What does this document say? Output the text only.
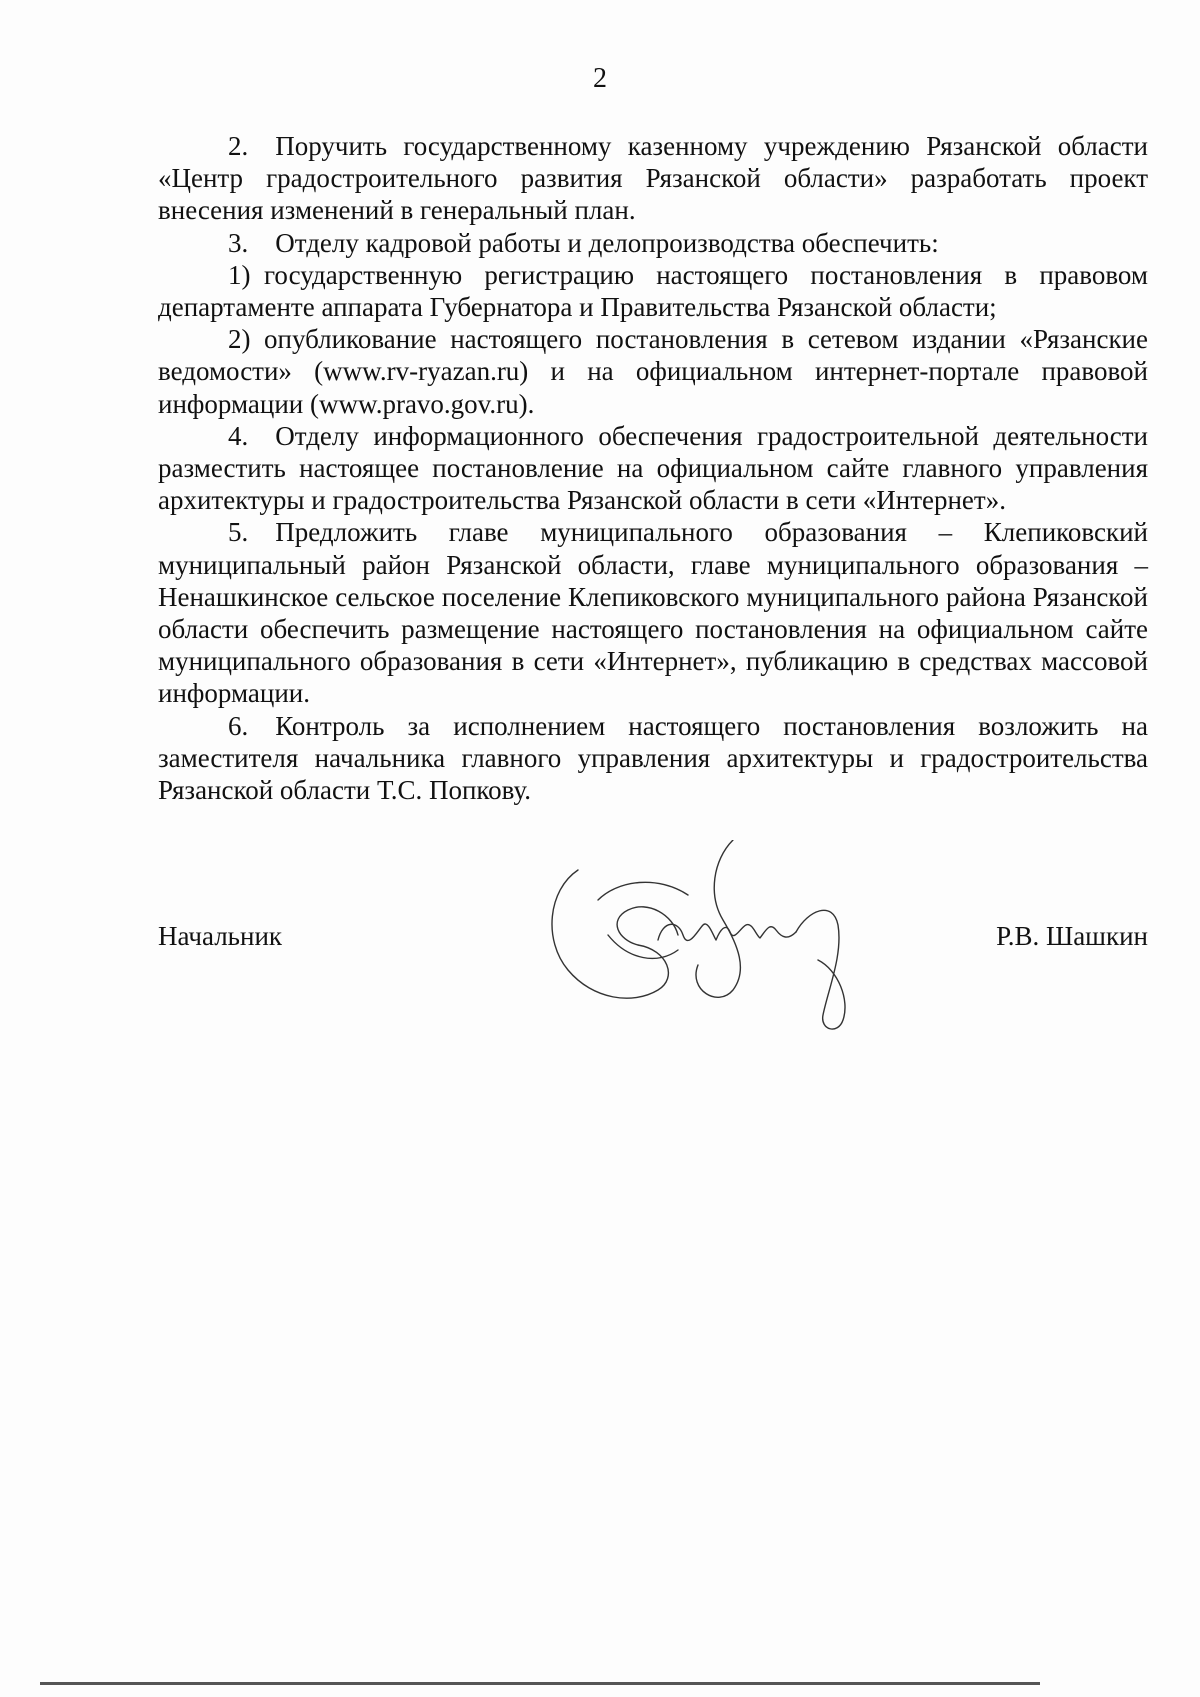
2

2. Поручить государственному казенному учреждению Рязанской области «Центр градостроительного развития Рязанской области» разработать проект внесения изменений в генеральный план.

3. Отделу кадровой работы и делопроизводства обеспечить:

1) государственную регистрацию настоящего постановления в правовом департаменте аппарата Губернатора и Правительства Рязанской области;

2) опубликование настоящего постановления в сетевом издании «Рязанские ведомости» (www.rv-ryazan.ru) и на официальном интернет-портале правовой информации (www.pravo.gov.ru).

4. Отделу информационного обеспечения градостроительной деятельности разместить настоящее постановление на официальном сайте главного управления архитектуры и градостроительства Рязанской области в сети «Интернет».

5. Предложить главе муниципального образования – Клепиковский муниципальный район Рязанской области, главе муниципального образования – Ненашкинское сельское поселение Клепиковского муниципального района Рязанской области обеспечить размещение настоящего постановления на официальном сайте муниципального образования в сети «Интернет», публикацию в средствах массовой информации.

6. Контроль за исполнением настоящего постановления возложить на заместителя начальника главного управления архитектуры и градостроительства Рязанской области Т.С. Попкову.

Начальник	Р.В. Шашкин
